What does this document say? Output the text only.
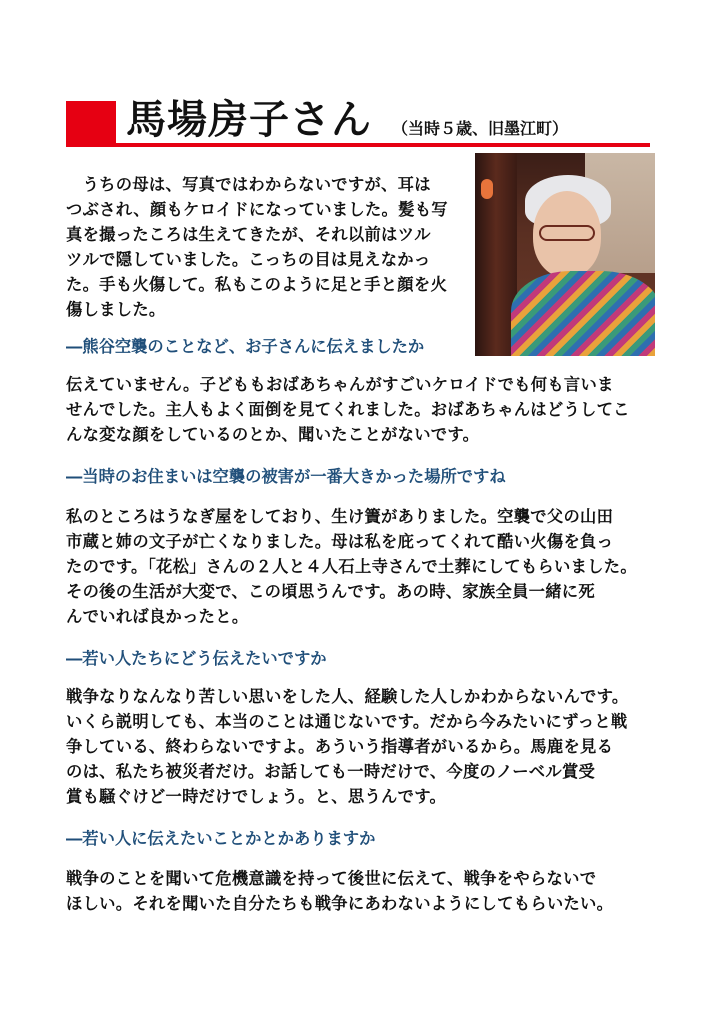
馬場房子さん （当時５歳、旧墨江町）
　うちの母は、写真ではわからないですが、耳は
つぶされ、顔もケロイドになっていました。髪も写
真を撮ったころは生えてきたが、それ以前はツル
ツルで隠していました。こっちの目は見えなかっ
た。手も火傷して。私もこのように足と手と顔を火
傷しました。
―熊谷空襲のことなど、お子さんに伝えましたか
伝えていません。子どももおばあちゃんがすごいケロイドでも何も言いま
せんでした。主人もよく面倒を見てくれました。おばあちゃんはどうしてこ
んな変な顔をしているのとか、聞いたことがないです。
―当時のお住まいは空襲の被害が一番大きかった場所ですね
私のところはうなぎ屋をしており、生け簀がありました。空襲で父の山田
市蔵と姉の文子が亡くなりました。母は私を庇ってくれて酷い火傷を負っ
たのです。「花松」さんの２人と４人石上寺さんで土葬にしてもらいました。
その後の生活が大変で、この頃思うんです。あの時、家族全員一緒に死
んでいれば良かったと。
―若い人たちにどう伝えたいですか
戦争なりなんなり苦しい思いをした人、経験した人しかわからないんです。
いくら説明しても、本当のことは通じないです。だから今みたいにずっと戦
争している、終わらないですよ。あういう指導者がいるから。馬鹿を見る
のは、私たち被災者だけ。お話しても一時だけで、今度のノーベル賞受
賞も騒ぐけど一時だけでしょう。と、思うんです。
―若い人に伝えたいことかとかありますか
戦争のことを聞いて危機意識を持って後世に伝えて、戦争をやらないで
ほしい。それを聞いた自分たちも戦争にあわないようにしてもらいたい。
